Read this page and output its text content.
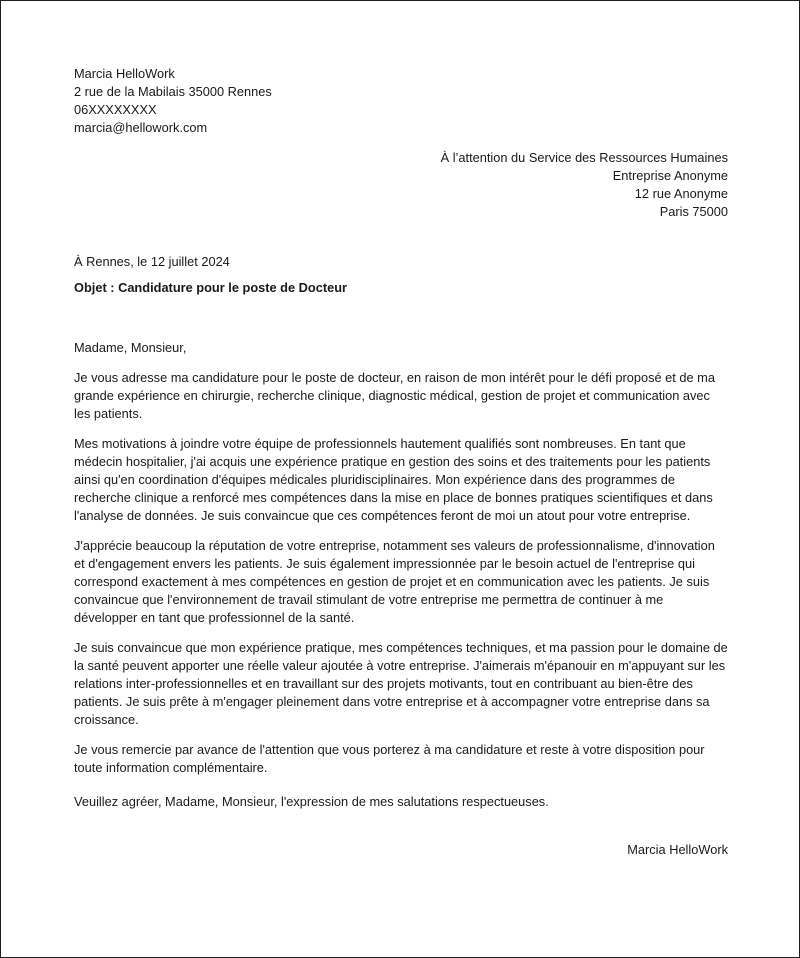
Marcia HelloWork
2 rue de la Mabilais 35000 Rennes
06XXXXXXXX
marcia@hellowork.com
À l’attention du Service des Ressources Humaines
Entreprise Anonyme
12 rue Anonyme
Paris 75000
À Rennes, le 12 juillet 2024
Objet : Candidature pour le poste de Docteur
Madame, Monsieur,

Je vous adresse ma candidature pour le poste de docteur, en raison de mon intérêt pour le défi proposé et de ma
grande expérience en chirurgie, recherche clinique, diagnostic médical, gestion de projet et communication avec
les patients.

Mes motivations à joindre votre équipe de professionnels hautement qualifiés sont nombreuses. En tant que
médecin hospitalier, j'ai acquis une expérience pratique en gestion des soins et des traitements pour les patients
ainsi qu'en coordination d'équipes médicales pluridisciplinaires. Mon expérience dans des programmes de
recherche clinique a renforcé mes compétences dans la mise en place de bonnes pratiques scientifiques et dans
l'analyse de données. Je suis convaincue que ces compétences feront de moi un atout pour votre entreprise.

J'apprécie beaucoup la réputation de votre entreprise, notamment ses valeurs de professionnalisme, d'innovation
et d'engagement envers les patients. Je suis également impressionnée par le besoin actuel de l'entreprise qui
correspond exactement à mes compétences en gestion de projet et en communication avec les patients. Je suis
convaincue que l'environnement de travail stimulant de votre entreprise me permettra de continuer à me
développer en tant que professionnel de la santé.

Je suis convaincue que mon expérience pratique, mes compétences techniques, et ma passion pour le domaine de
la santé peuvent apporter une réelle valeur ajoutée à votre entreprise. J'aimerais m'épanouir en m'appuyant sur les
relations inter-professionnelles et en travaillant sur des projets motivants, tout en contribuant au bien-être des
patients. Je suis prête à m'engager pleinement dans votre entreprise et à accompagner votre entreprise dans sa
croissance.

Je vous remercie par avance de l'attention que vous porterez à ma candidature et reste à votre disposition pour
toute information complémentaire.

Veuillez agréer, Madame, Monsieur, l'expression de mes salutations respectueuses.
Marcia HelloWork
